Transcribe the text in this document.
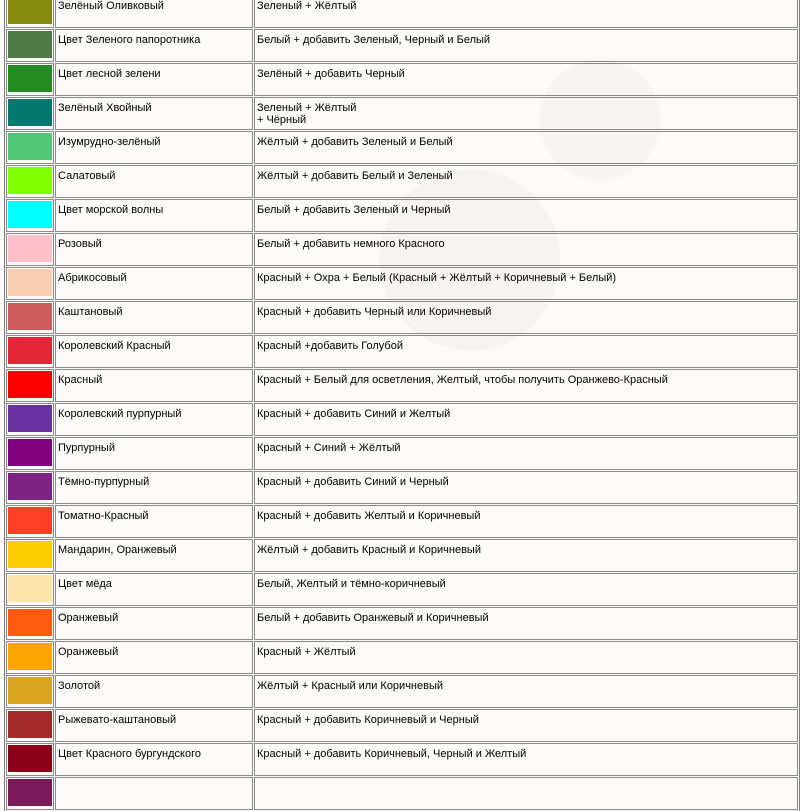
	Зелёный Оливковый	Зеленый + Жёлтый

	Цвет Зеленого папоротника	Белый + добавить Зеленый, Черный и Белый

	Цвет лесной зелени	Зелёный + добавить Черный

	Зелёный Хвойный	Зеленый + Жёлтый
+ Чёрный

	Изумрудно-зелёный	Жёлтый + добавить Зеленый и Белый

	Салатовый	Жёлтый + добавить Белый и Зеленый

	Цвет морской волны	Белый + добавить Зеленый и Черный

	Розовый	Белый + добавить немного Красного

	Абрикосовый	Красный + Охра + Белый (Красный + Жёлтый + Коричневый + Белый)

	Каштановый	Красный + добавить Черный или Коричневый

	Королевский Красный	Красный +добавить Голубой

	Красный	Красный + Белый для осветления, Желтый, чтобы получить Оранжево-Красный

	Королевский пурпурный	Красный + добавить Синий и Желтый

	Пурпурный	Красный + Синий + Жёлтый

	Тёмно-пурпурный	Красный + добавить Синий и Черный

	Томатно-Красный	Красный + добавить Желтый и Коричневый

	Мандарин, Оранжевый	Жёлтый + добавить Красный и Коричневый

	Цвет мёда	Белый, Желтый и тёмно-коричневый

	Оранжевый	Белый + добавить Оранжевый и Коричневый

	Оранжевый	Красный + Жёлтый

	Золотой	Жёлтый + Красный или Коричневый

	Рыжевато-каштановый	Красный + добавить Коричневый и Черный

	Цвет Красного бургундского	Красный + добавить Коричневый, Черный и Желтый
